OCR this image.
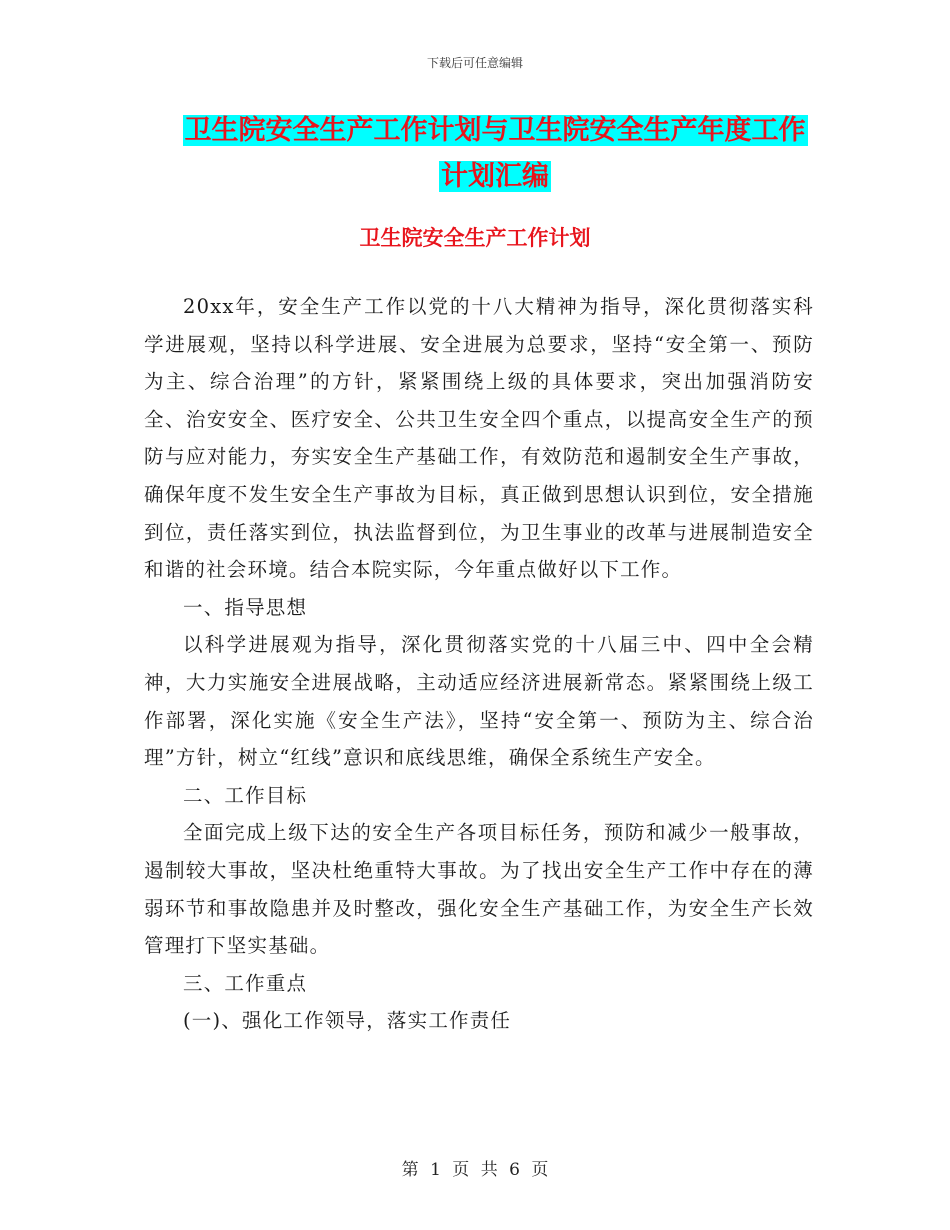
下载后可任意编辑
卫生院安全生产工作计划与卫生院安全生产年度工作
计划汇编
卫生院安全生产工作计划

20xx年，安全生产工作以党的十八大精神为指导，深化贯彻落实科学进展观，坚持以科学进展、安全进展为总要求，坚持“安全第一、预防为主、综合治理”的方针，紧紧围绕上级的具体要求，突出加强消防安全、治安安全、医疗安全、公共卫生安全四个重点，以提高安全生产的预防与应对能力，夯实安全生产基础工作，有效防范和遏制安全生产事故，确保年度不发生安全生产事故为目标，真正做到思想认识到位，安全措施到位，责任落实到位，执法监督到位，为卫生事业的改革与进展制造安全和谐的社会环境。结合本院实际，今年重点做好以下工作。

一、指导思想

以科学进展观为指导，深化贯彻落实党的十八届三中、四中全会精神，大力实施安全进展战略，主动适应经济进展新常态。紧紧围绕上级工作部署，深化实施《安全生产法》，坚持“安全第一、预防为主、综合治理”方针，树立“红线”意识和底线思维，确保全系统生产安全。

二、工作目标

全面完成上级下达的安全生产各项目标任务，预防和减少一般事故，遏制较大事故，坚决杜绝重特大事故。为了找出安全生产工作中存在的薄弱环节和事故隐患并及时整改，强化安全生产基础工作，为安全生产长效管理打下坚实基础。

三、工作重点

(一)、强化工作领导，落实工作责任

第 1 页 共 6 页
